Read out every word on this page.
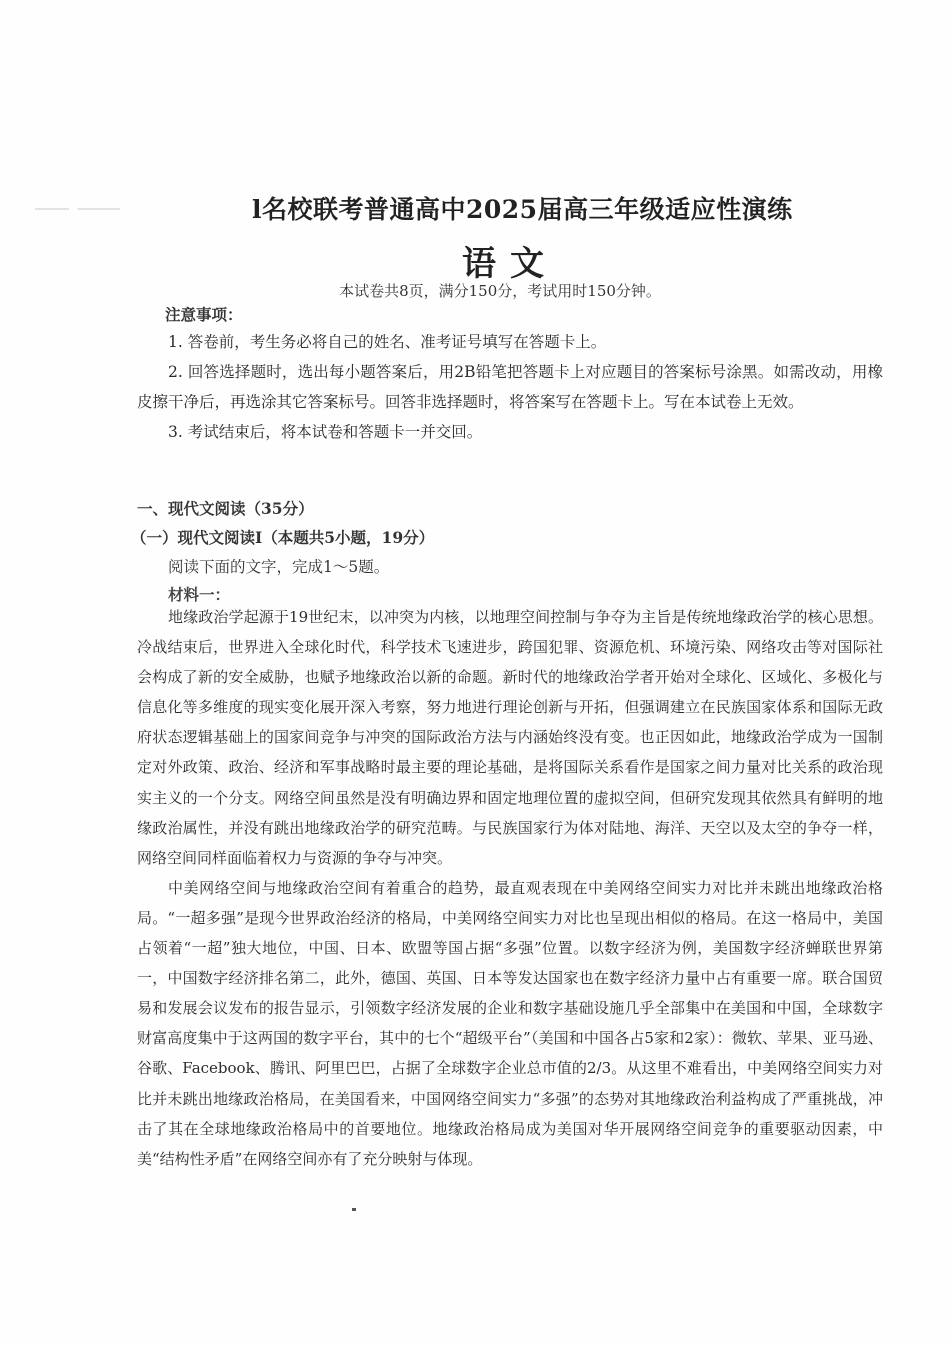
l名校联考普通高中2025届高三年级适应性演练
语文
本试卷共8页，满分150分，考试用时150分钟。
注意事项：

1. 答卷前，考生务必将自己的姓名、准考证号填写在答题卡上。

2. 回答选择题时，选出每小题答案后，用2B铅笔把答题卡上对应题目的答案标号涂黑。如需改动，用橡皮擦干净后，再选涂其它答案标号。回答非选择题时，将答案写在答题卡上。写在本试卷上无效。

3. 考试结束后，将本试卷和答题卡一并交回。

一、现代文阅读（35分）
（一）现代文阅读Ⅰ（本题共5小题，19分）
阅读下面的文字，完成1～5题。
材料一：

地缘政治学起源于19世纪末，以冲突为内核，以地理空间控制与争夺为主旨是传统地缘政治学的核心思想。冷战结束后，世界进入全球化时代，科学技术飞速进步，跨国犯罪、资源危机、环境污染、网络攻击等对国际社会构成了新的安全威胁，也赋予地缘政治以新的命题。新时代的地缘政治学者开始对全球化、区域化、多极化与信息化等多维度的现实变化展开深入考察，努力地进行理论创新与开拓，但强调建立在民族国家体系和国际无政府状态逻辑基础上的国家间竞争与冲突的国际政治方法与内涵始终没有变。也正因如此，地缘政治学成为一国制定对外政策、政治、经济和军事战略时最主要的理论基础，是将国际关系看作是国家之间力量对比关系的政治现实主义的一个分支。网络空间虽然是没有明确边界和固定地理位置的虚拟空间，但研究发现其依然具有鲜明的地缘政治属性，并没有跳出地缘政治学的研究范畴。与民族国家行为体对陆地、海洋、天空以及太空的争夺一样，网络空间同样面临着权力与资源的争夺与冲突。

中美网络空间与地缘政治空间有着重合的趋势，最直观表现在中美网络空间实力对比并未跳出地缘政治格局。“一超多强”是现今世界政治经济的格局，中美网络空间实力对比也呈现出相似的格局。在这一格局中，美国占领着“一超”独大地位，中国、日本、欧盟等国占据“多强”位置。以数字经济为例，美国数字经济蝉联世界第一，中国数字经济排名第二，此外，德国、英国、日本等发达国家也在数字经济力量中占有重要一席。联合国贸易和发展会议发布的报告显示，引领数字经济发展的企业和数字基础设施几乎全部集中在美国和中国，全球数字财富高度集中于这两国的数字平台，其中的七个“超级平台”（美国和中国各占5家和2家）：微软、苹果、亚马逊、谷歌、Facebook、腾讯、阿里巴巴，占据了全球数字企业总市值的2/3。从这里不难看出，中美网络空间实力对比并未跳出地缘政治格局，在美国看来，中国网络空间实力“多强”的态势对其地缘政治利益构成了严重挑战，冲击了其在全球地缘政治格局中的首要地位。地缘政治格局成为美国对华开展网络空间竞争的重要驱动因素，中美“结构性矛盾”在网络空间亦有了充分映射与体现。
